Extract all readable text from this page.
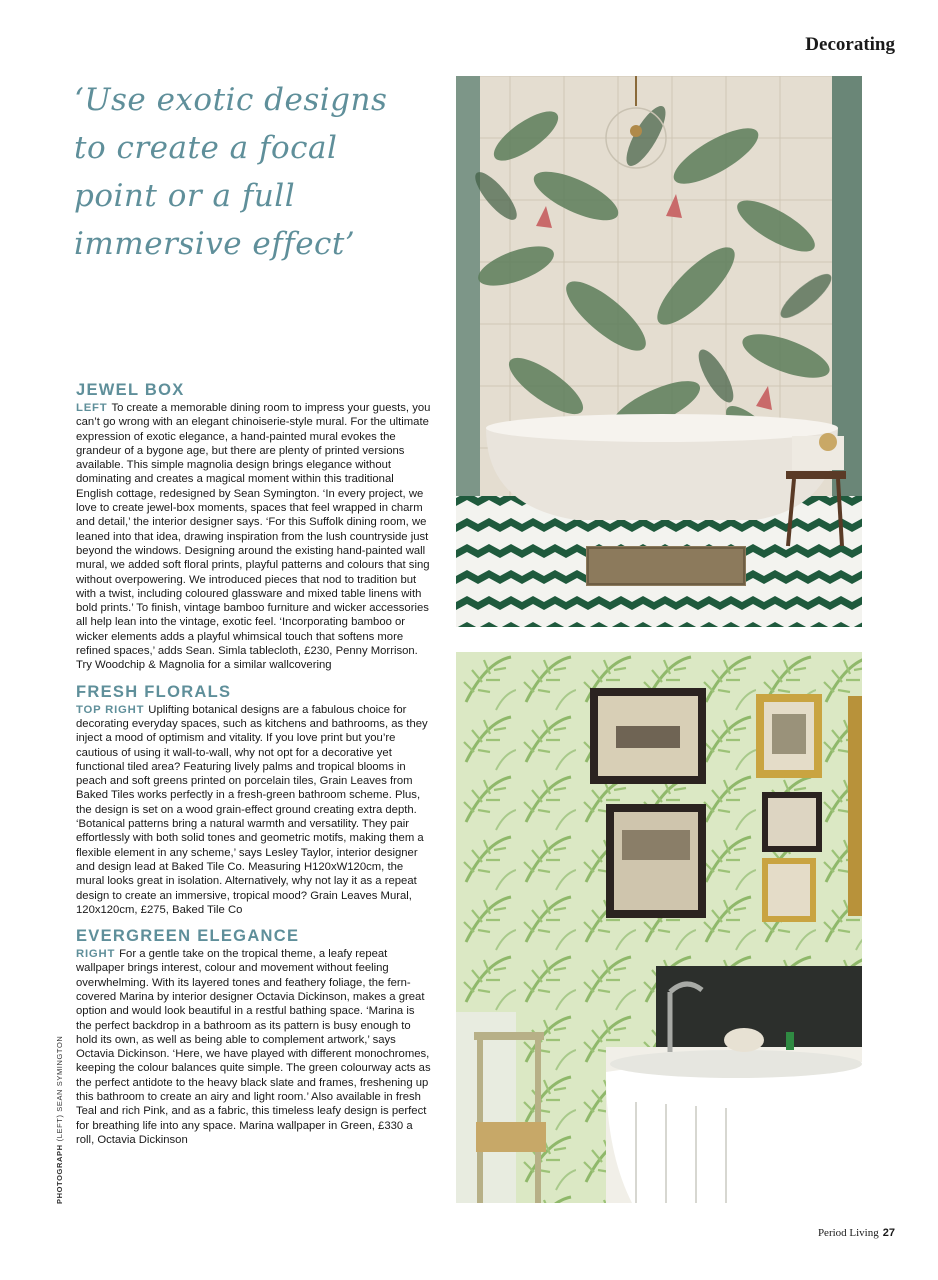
Decorating
‘Use exotic designs
to create a focal
point or a full
immersive effect’
JEWEL BOX

LEFT To create a memorable dining room to impress your guests, you can’t go wrong with an elegant chinoiserie-style mural. For the ultimate expression of exotic elegance, a hand-painted mural evokes the grandeur of a bygone age, but there are plenty of printed versions available. This simple magnolia design brings elegance without dominating and creates a magical moment within this traditional English cottage, redesigned by Sean Symington. ‘In every project, we love to create jewel-box moments, spaces that feel wrapped in charm and detail,’ the interior designer says. ‘For this Suffolk dining room, we leaned into that idea, drawing inspiration from the lush countryside just beyond the windows. Designing around the existing hand-painted wall mural, we added soft floral prints, playful patterns and colours that sing without overpowering. We introduced pieces that nod to tradition but with a twist, including coloured glassware and mixed table linens with bold prints.’ To finish, vintage bamboo furniture and wicker accessories all help lean into the vintage, exotic feel. ‘Incorporating bamboo or wicker elements adds a playful whimsical touch that softens more refined spaces,’ adds Sean. Simla tablecloth, £230, Penny Morrison. Try Woodchip & Magnolia for a similar wallcovering

FRESH FLORALS

TOP RIGHT Uplifting botanical designs are a fabulous choice for decorating everyday spaces, such as kitchens and bathrooms, as they inject a mood of optimism and vitality. If you love print but you’re cautious of using it wall-to-wall, why not opt for a decorative yet functional tiled area? Featuring lively palms and tropical blooms in peach and soft greens printed on porcelain tiles, Grain Leaves from Baked Tiles works perfectly in a fresh-green bathroom scheme. Plus, the design is set on a wood grain-effect ground creating extra depth. ‘Botanical patterns bring a natural warmth and versatility. They pair effortlessly with both solid tones and geometric motifs, making them a flexible element in any scheme,’ says Lesley Taylor, interior designer and design lead at Baked Tile Co. Measuring H120xW120cm, the mural looks great in isolation. Alternatively, why not lay it as a repeat design to create an immersive, tropical mood? Grain Leaves Mural, 120x120cm, £275, Baked Tile Co

EVERGREEN ELEGANCE

RIGHT For a gentle take on the tropical theme, a leafy repeat wallpaper brings interest, colour and movement without feeling overwhelming. With its layered tones and feathery foliage, the fern-covered Marina by interior designer Octavia Dickinson, makes a great option and would look beautiful in a restful bathing space. ‘Marina is the perfect backdrop in a bathroom as its pattern is busy enough to hold its own, as well as being able to complement artwork,’ says Octavia Dickinson. ‘Here, we have played with different monochromes, keeping the colour balances quite simple. The green colourway acts as the perfect antidote to the heavy black slate and frames, freshening up this bathroom to create an airy and light room.’ Also available in fresh Teal and rich Pink, and as a fabric, this timeless leafy design is perfect for breathing life into any space. Marina wallpaper in Green, £330 a roll, Octavia Dickinson

PHOTOGRAPH(LEFT) SEAN SYMINGTON
Period Living 27
